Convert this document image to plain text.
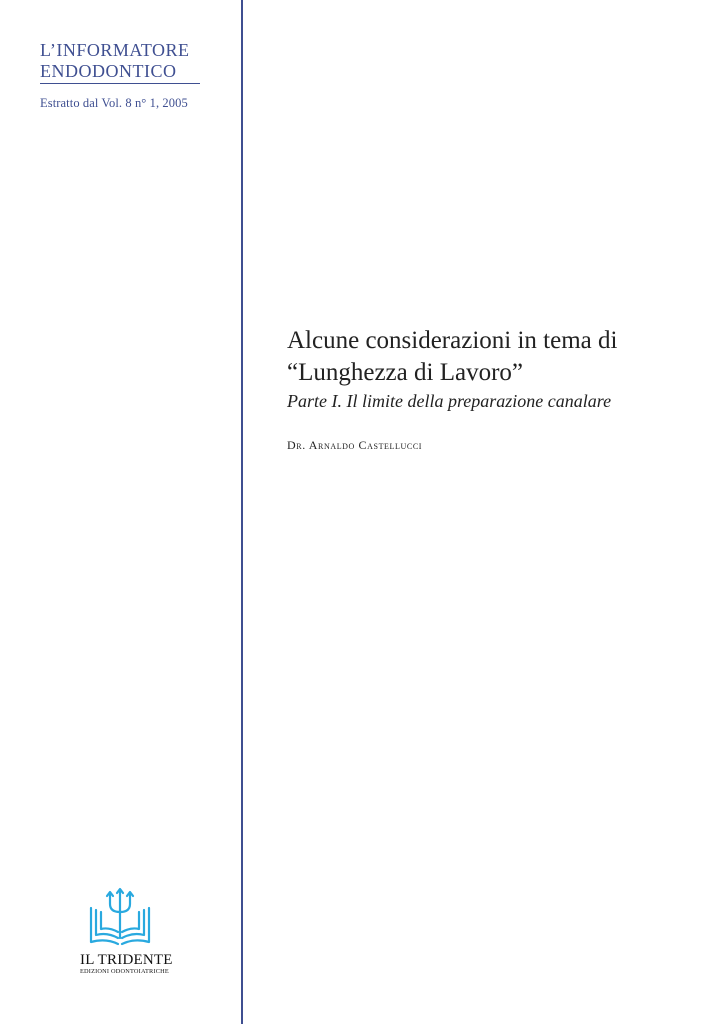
L’INFORMATORE
ENDODONTICO
Estratto dal Vol. 8 n° 1, 2005
Alcune considerazioni in tema di
“Lunghezza di Lavoro”
Parte I. Il limite della preparazione canalare
Dr. Arnaldo Castellucci
IL TRIDENTE
EDIZIONI ODONTOIATRICHE
